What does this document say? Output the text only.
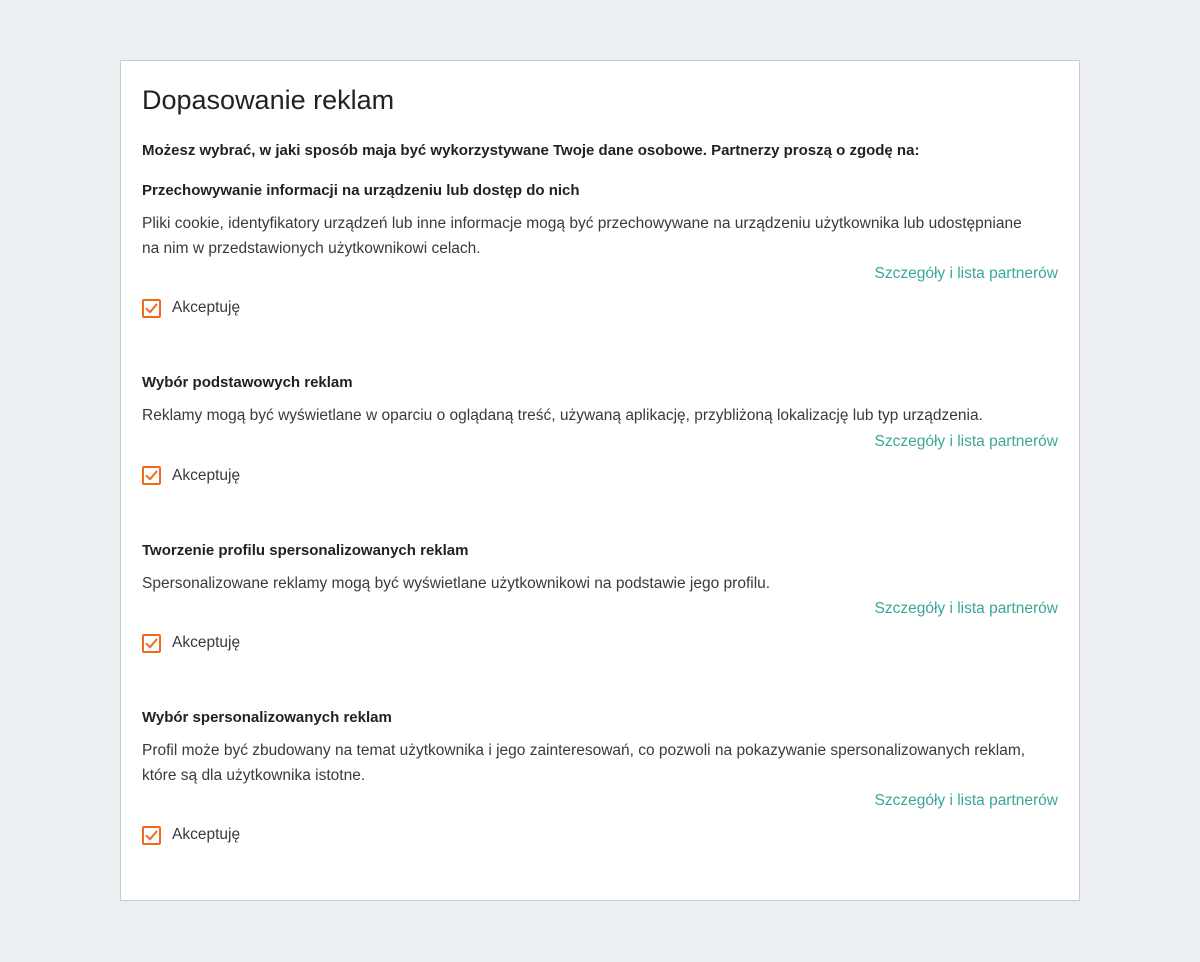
Dopasowanie reklam

Możesz wybrać, w jaki sposób maja być wykorzystywane Twoje dane osobowe. Partnerzy proszą o zgodę na:

Przechowywanie informacji na urządzeniu lub dostęp do nich

Pliki cookie, identyfikatory urządzeń lub inne informacje mogą być przechowywane na urządzeniu użytkownika lub udostępniane na nim w przedstawionych użytkownikowi celach.

Szczegóły i lista partnerów
Akceptuję
Wybór podstawowych reklam

Reklamy mogą być wyświetlane w oparciu o oglądaną treść, używaną aplikację, przybliżoną lokalizację lub typ urządzenia.

Szczegóły i lista partnerów
Akceptuję
Tworzenie profilu spersonalizowanych reklam

Spersonalizowane reklamy mogą być wyświetlane użytkownikowi na podstawie jego profilu.

Szczegóły i lista partnerów
Akceptuję
Wybór spersonalizowanych reklam

Profil może być zbudowany na temat użytkownika i jego zainteresowań, co pozwoli na pokazywanie spersonalizowanych reklam, które są dla użytkownika istotne.

Szczegóły i lista partnerów
Akceptuję
